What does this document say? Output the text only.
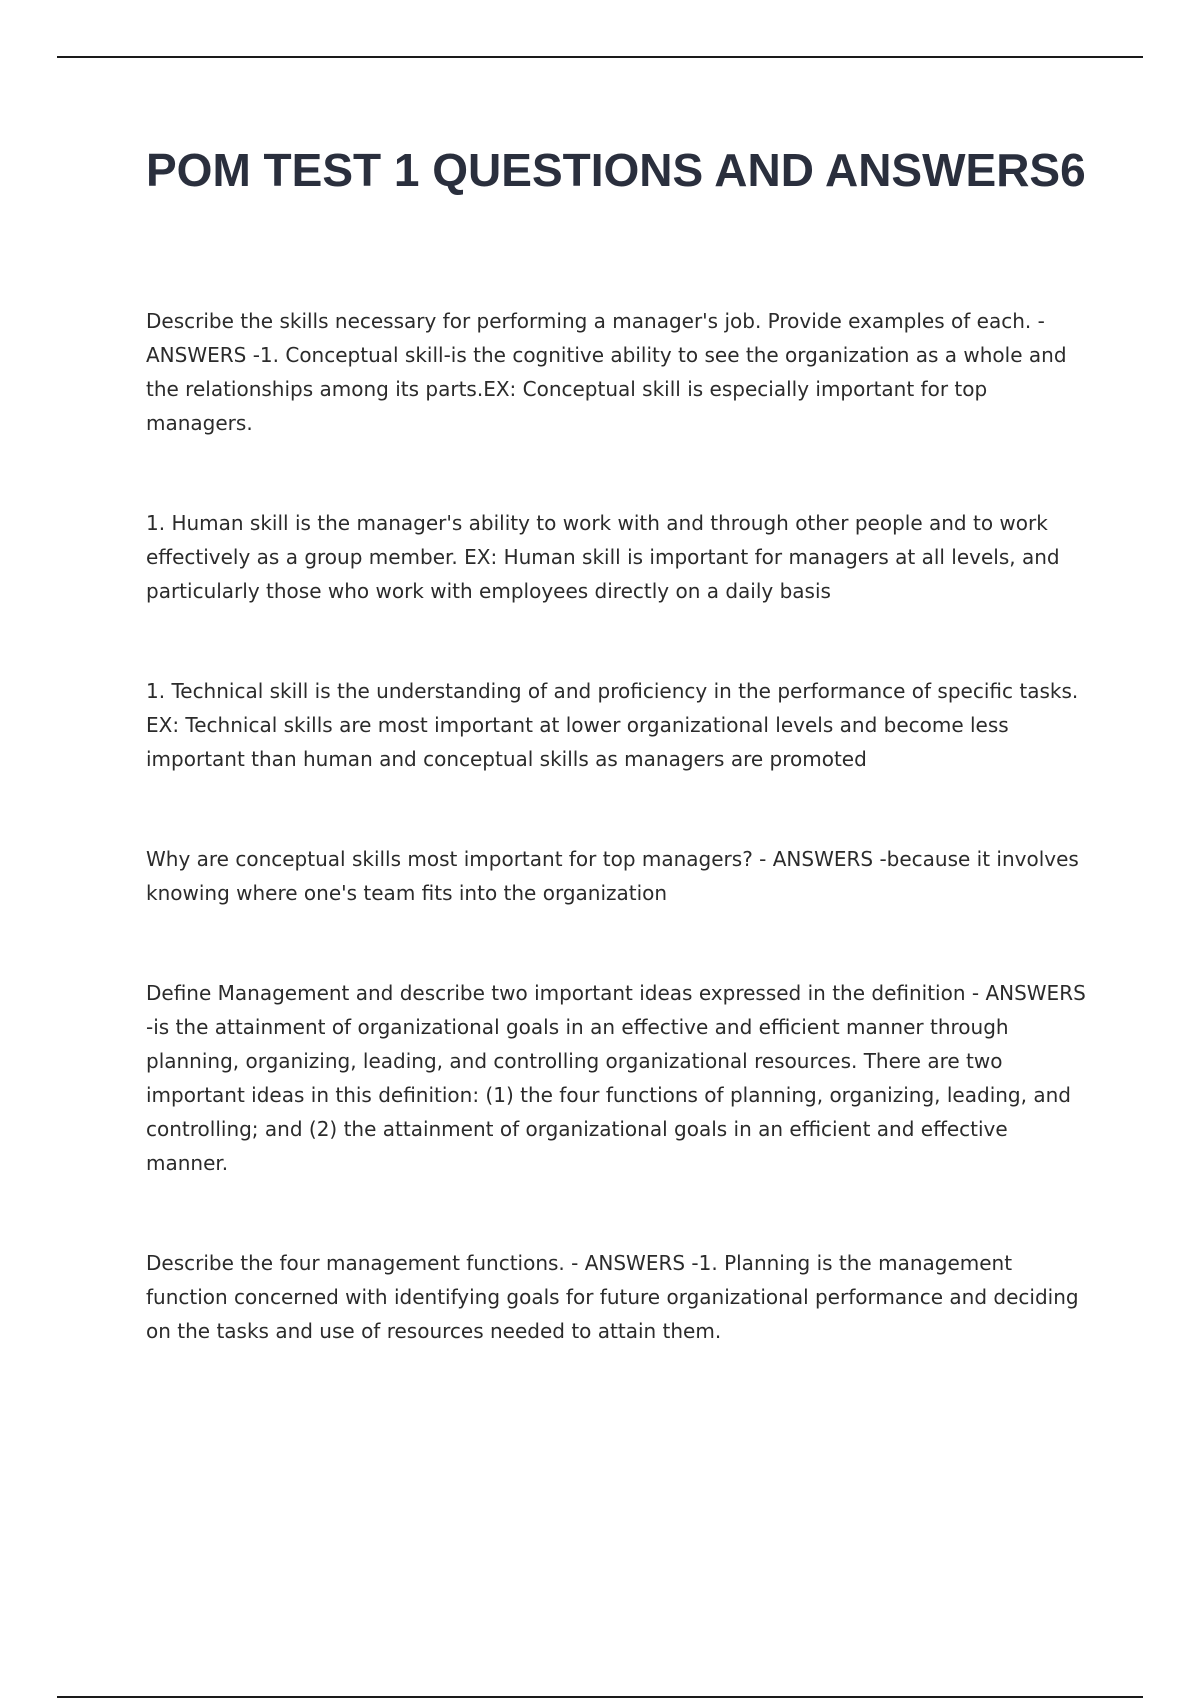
POM TEST 1 QUESTIONS AND ANSWERS6

Describe the skills necessary for performing a manager's job. Provide examples of each. - ANSWERS -1. Conceptual skill-is the cognitive ability to see the organization as a whole and the relationships among its parts.EX: Conceptual skill is especially important for top managers.

1. Human skill is the manager's ability to work with and through other people and to work effectively as a group member. EX: Human skill is important for managers at all levels, and particularly those who work with employees directly on a daily basis

1. Technical skill is the understanding of and proficiency in the performance of specific tasks. EX: Technical skills are most important at lower organizational levels and become less important than human and conceptual skills as managers are promoted

Why are conceptual skills most important for top managers? - ANSWERS -because it involves knowing where one's team fits into the organization

Define Management and describe two important ideas expressed in the definition - ANSWERS -is the attainment of organizational goals in an effective and efficient manner through planning, organizing, leading, and controlling organizational resources. There are two important ideas in this definition: (1) the four functions of planning, organizing, leading, and controlling; and (2) the attainment of organizational goals in an efficient and effective manner.

Describe the four management functions. - ANSWERS -1. Planning is the management function concerned with identifying goals for future organizational performance and deciding on the tasks and use of resources needed to attain them.
